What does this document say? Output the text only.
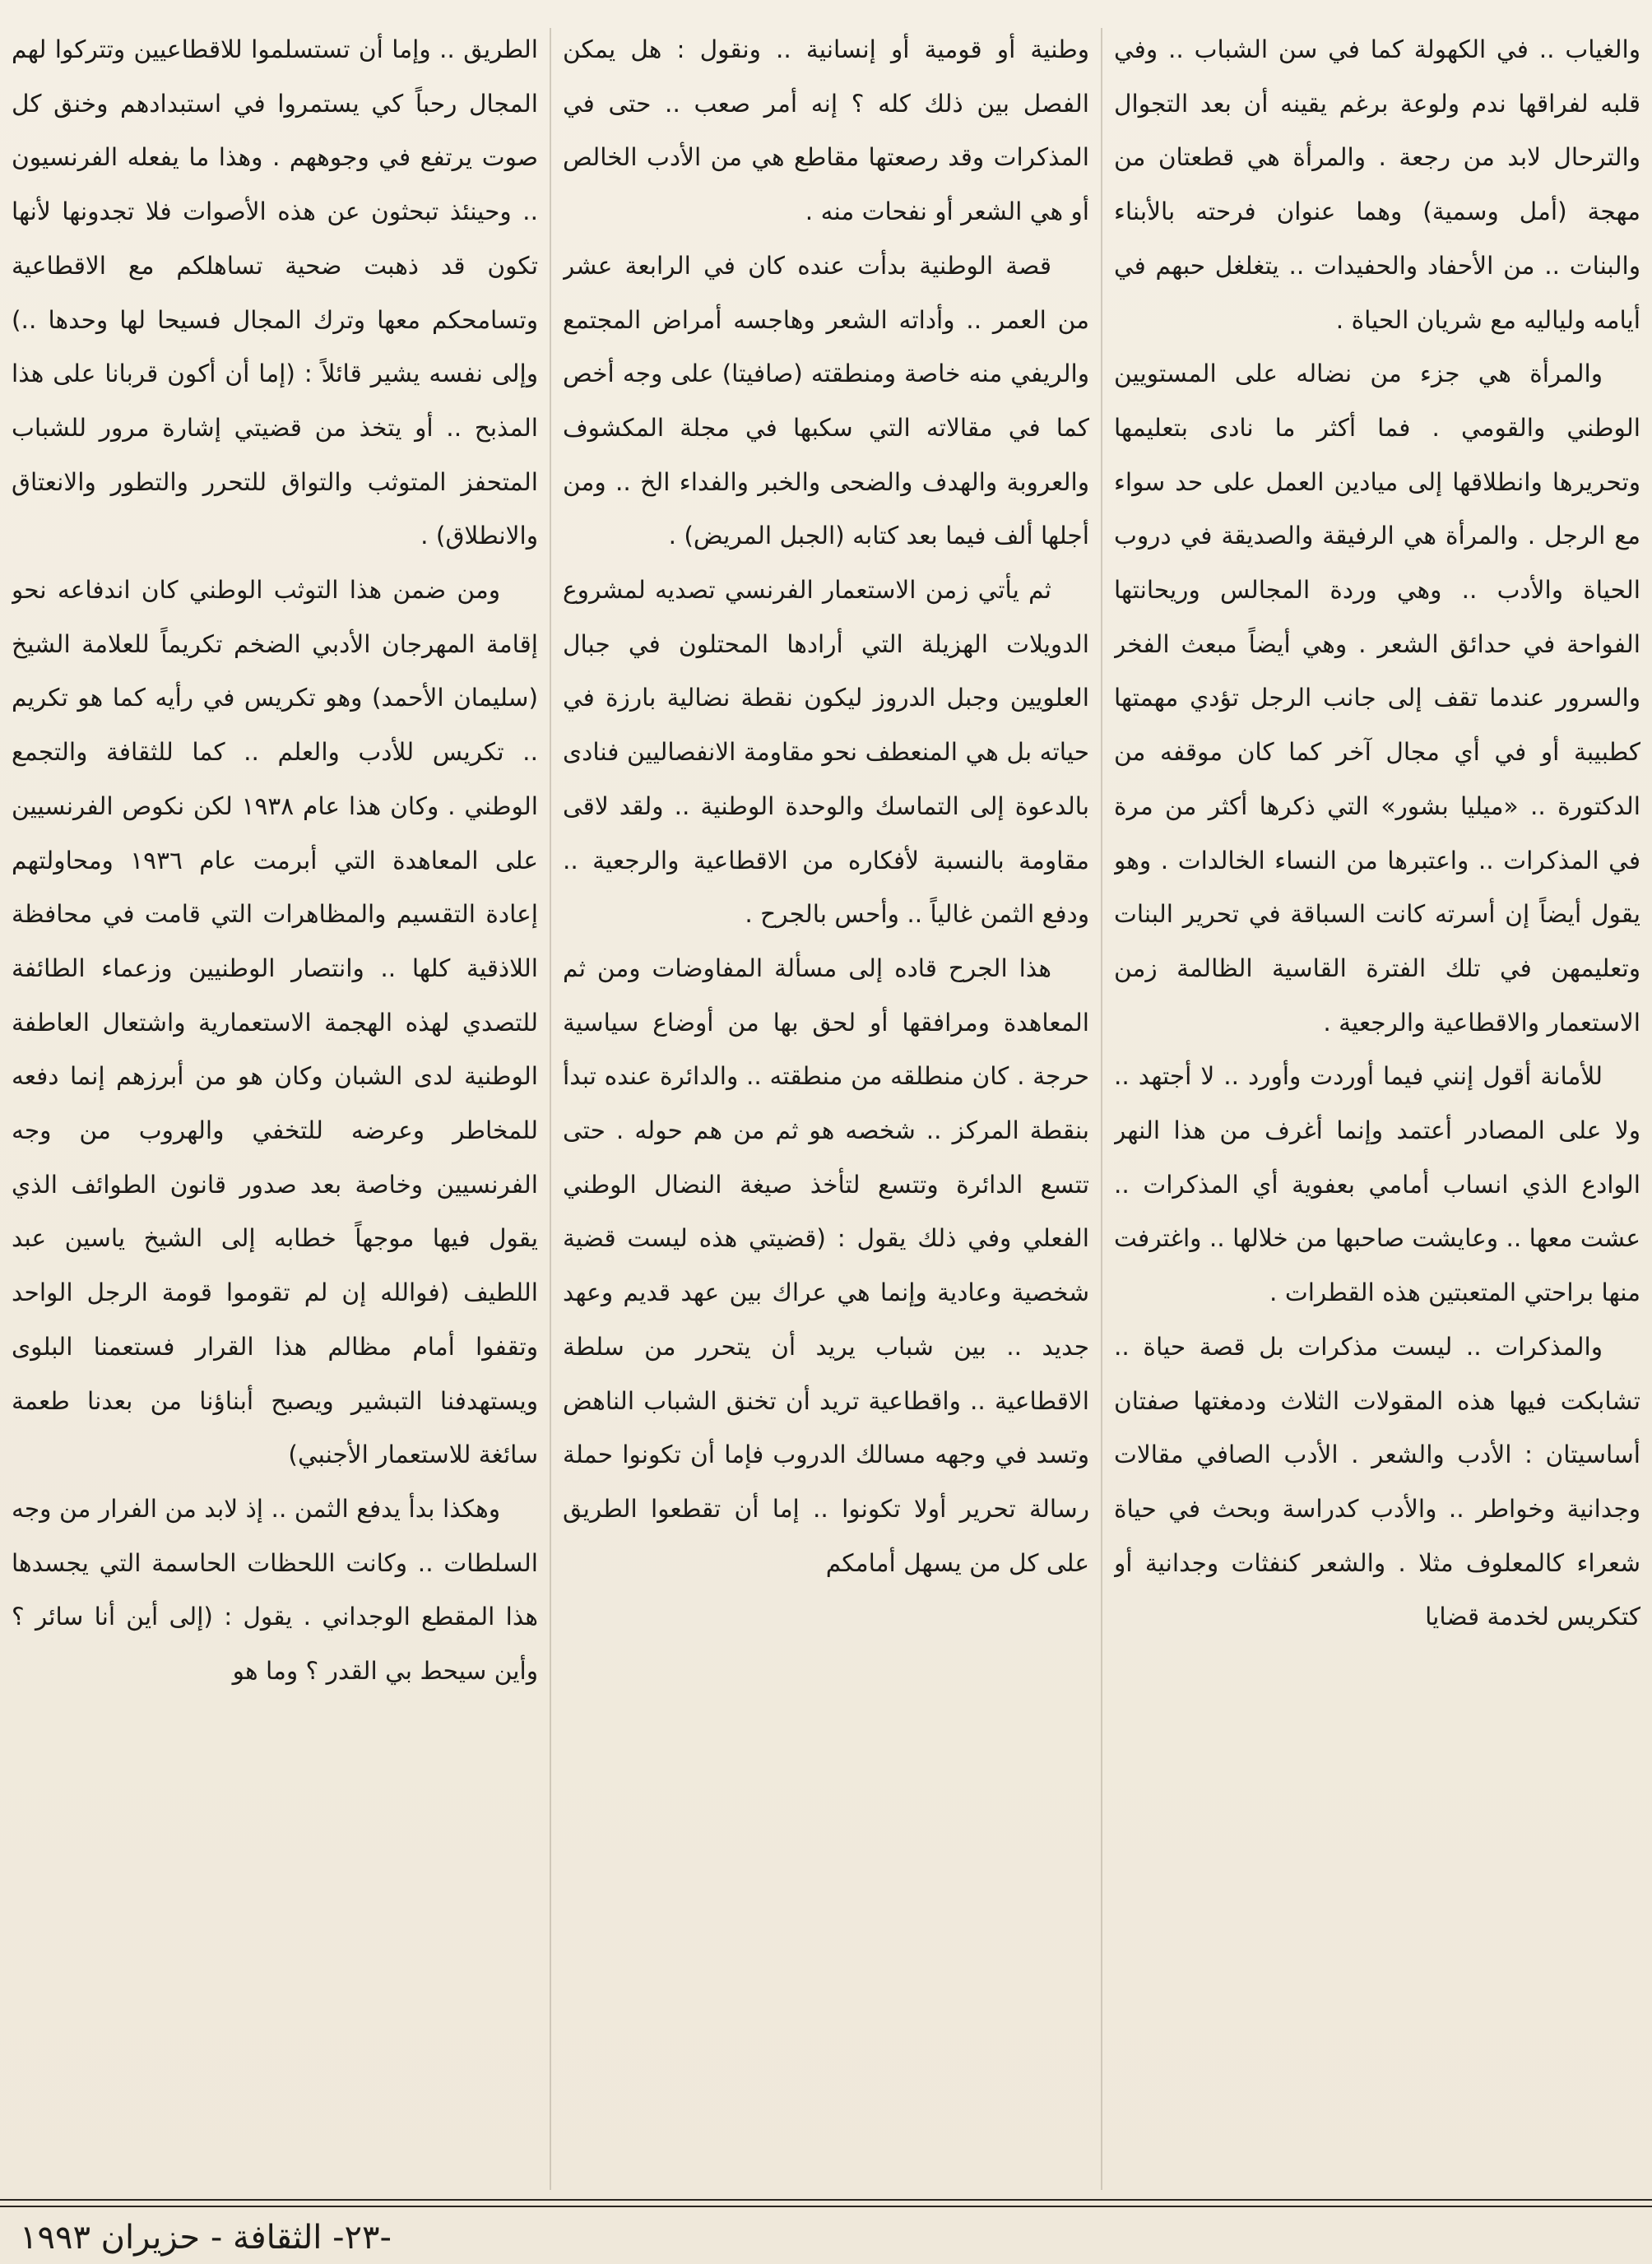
والغياب .. في الكهولة كما في سن الشباب .. وفي قلبه لفراقها ندم ولوعة برغم يقينه أن بعد التجوال والترحال لابد من رجعة . والمرأة هي قطعتان من مهجة (أمل وسمية) وهما عنوان فرحته بالأبناء والبنات .. من الأحفاد والحفيدات .. يتغلغل حبهم في أيامه ولياليه مع شريان الحياة .

والمرأة هي جزء من نضاله على المستويين الوطني والقومي . فما أكثر ما نادى بتعليمها وتحريرها وانطلاقها إلى ميادين العمل على حد سواء مع الرجل . والمرأة هي الرفيقة والصديقة في دروب الحياة والأدب .. وهي وردة المجالس وريحانتها الفواحة في حدائق الشعر . وهي أيضاً مبعث الفخر والسرور عندما تقف إلى جانب الرجل تؤدي مهمتها كطبيبة أو في أي مجال آخر كما كان موقفه من الدكتورة .. «ميليا بشور» التي ذكرها أكثر من مرة في المذكرات .. واعتبرها من النساء الخالدات . وهو يقول أيضاً إن أسرته كانت السباقة في تحرير البنات وتعليمهن في تلك الفترة القاسية الظالمة زمن الاستعمار والاقطاعية والرجعية .

للأمانة أقول إنني فيما أوردت وأورد .. لا أجتهد .. ولا على المصادر أعتمد وإنما أغرف من هذا النهر الوادع الذي انساب أمامي بعفوية أي المذكرات .. عشت معها .. وعايشت صاحبها من خلالها .. واغترفت منها براحتي المتعبتين هذه القطرات .

والمذكرات .. ليست مذكرات بل قصة حياة .. تشابكت فيها هذه المقولات الثلاث ودمغتها صفتان أساسيتان : الأدب والشعر . الأدب الصافي مقالات وجدانية وخواطر .. والأدب كدراسة وبحث في حياة شعراء كالمعلوف مثلا . والشعر كنفثات وجدانية أو كتكريس لخدمة قضايا

وطنية أو قومية أو إنسانية .. ونقول : هل يمكن الفصل بين ذلك كله ؟ إنه أمر صعب .. حتى في المذكرات وقد رصعتها مقاطع هي من الأدب الخالص أو هي الشعر أو نفحات منه .

قصة الوطنية بدأت عنده كان في الرابعة عشر من العمر .. وأداته الشعر وهاجسه أمراض المجتمع والريفي منه خاصة ومنطقته (صافيتا) على وجه أخص كما في مقالاته التي سكبها في مجلة المكشوف والعروبة والهدف والضحى والخبر والفداء الخ .. ومن أجلها ألف فيما بعد كتابه (الجبل المريض) .

ثم يأتي زمن الاستعمار الفرنسي تصديه لمشروع الدويلات الهزيلة التي أرادها المحتلون في جبال العلويين وجبل الدروز ليكون نقطة نضالية بارزة في حياته بل هي المنعطف نحو مقاومة الانفصاليين فنادى بالدعوة إلى التماسك والوحدة الوطنية .. ولقد لاقى مقاومة بالنسبة لأفكاره من الاقطاعية والرجعية .. ودفع الثمن غالياً .. وأحس بالجرح .

هذا الجرح قاده إلى مسألة المفاوضات ومن ثم المعاهدة ومرافقها أو لحق بها من أوضاع سياسية حرجة . كان منطلقه من منطقته .. والدائرة عنده تبدأ بنقطة المركز .. شخصه هو ثم من هم حوله . حتى تتسع الدائرة وتتسع لتأخذ صيغة النضال الوطني الفعلي وفي ذلك يقول : (قضيتي هذه ليست قضية شخصية وعادية وإنما هي عراك بين عهد قديم وعهد جديد .. بين شباب يريد أن يتحرر من سلطة الاقطاعية .. واقطاعية تريد أن تخنق الشباب الناهض وتسد في وجهه مسالك الدروب فإما أن تكونوا حملة رسالة تحرير أولا تكونوا .. إما أن تقطعوا الطريق على كل من يسهل أمامكم

الطريق .. وإما أن تستسلموا للاقطاعيين وتتركوا لهم المجال رحباً كي يستمروا في استبدادهم وخنق كل صوت يرتفع في وجوههم . وهذا ما يفعله الفرنسيون .. وحينئذ تبحثون عن هذه الأصوات فلا تجدونها لأنها تكون قد ذهبت ضحية تساهلكم مع الاقطاعية وتسامحكم معها وترك المجال فسيحا لها وحدها ..) وإلى نفسه يشير قائلاً : (إما أن أكون قربانا على هذا المذبح .. أو يتخذ من قضيتي إشارة مرور للشباب المتحفز المتوثب والتواق للتحرر والتطور والانعتاق والانطلاق) .

ومن ضمن هذا التوثب الوطني كان اندفاعه نحو إقامة المهرجان الأدبي الضخم تكريماً للعلامة الشيخ (سليمان الأحمد) وهو تكريس في رأيه كما هو تكريم .. تكريس للأدب والعلم .. كما للثقافة والتجمع الوطني . وكان هذا عام ١٩٣٨ لكن نكوص الفرنسيين على المعاهدة التي أبرمت عام ١٩٣٦ ومحاولتهم إعادة التقسيم والمظاهرات التي قامت في محافظة اللاذقية كلها .. وانتصار الوطنيين وزعماء الطائفة للتصدي لهذه الهجمة الاستعمارية واشتعال العاطفة الوطنية لدى الشبان وكان هو من أبرزهم إنما دفعه للمخاطر وعرضه للتخفي والهروب من وجه الفرنسيين وخاصة بعد صدور قانون الطوائف الذي يقول فيها موجهاً خطابه إلى الشيخ ياسين عبد اللطيف (فوالله إن لم تقوموا قومة الرجل الواحد وتقفوا أمام مظالم هذا القرار فستعمنا البلوى ويستهدفنا التبشير ويصبح أبناؤنا من بعدنا طعمة سائغة للاستعمار الأجنبي)

وهكذا بدأ يدفع الثمن .. إذ لابد من الفرار من وجه السلطات .. وكانت اللحظات الحاسمة التي يجسدها هذا المقطع الوجداني . يقول : (إلى أين أنا سائر ؟ وأين سيحط بي القدر ؟ وما هو

-٢٣- الثقافة - حزيران ١٩٩٣
